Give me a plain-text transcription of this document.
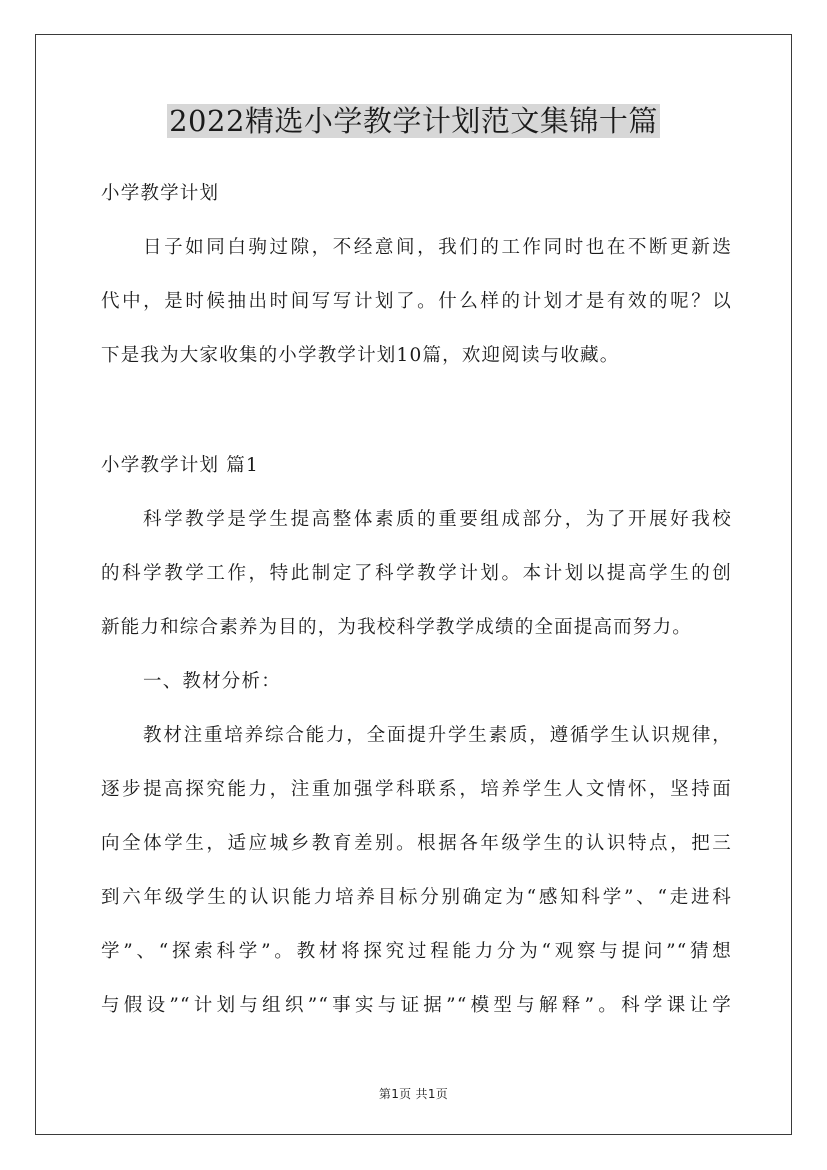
2022精选小学教学计划范文集锦十篇
小学教学计划
日子如同白驹过隙，不经意间，我们的工作同时也在不断更新迭
代中，是时候抽出时间写写计划了。什么样的计划才是有效的呢？以
下是我为大家收集的小学教学计划10篇，欢迎阅读与收藏。
小学教学计划 篇1
科学教学是学生提高整体素质的重要组成部分，为了开展好我校
的科学教学工作，特此制定了科学教学计划。本计划以提高学生的创
新能力和综合素养为目的，为我校科学教学成绩的全面提高而努力。
一、教材分析：
教材注重培养综合能力，全面提升学生素质，遵循学生认识规律，
逐步提高探究能力，注重加强学科联系，培养学生人文情怀，坚持面
向全体学生，适应城乡教育差别。根据各年级学生的认识特点，把三
到六年级学生的认识能力培养目标分别确定为“感知科学”、“走进科
学”、“探索科学”。教材将探究过程能力分为“观察与提问”“猜想
与假设”“计划与组织”“事实与证据”“模型与解释”。科学课让学
第1页 共1页
